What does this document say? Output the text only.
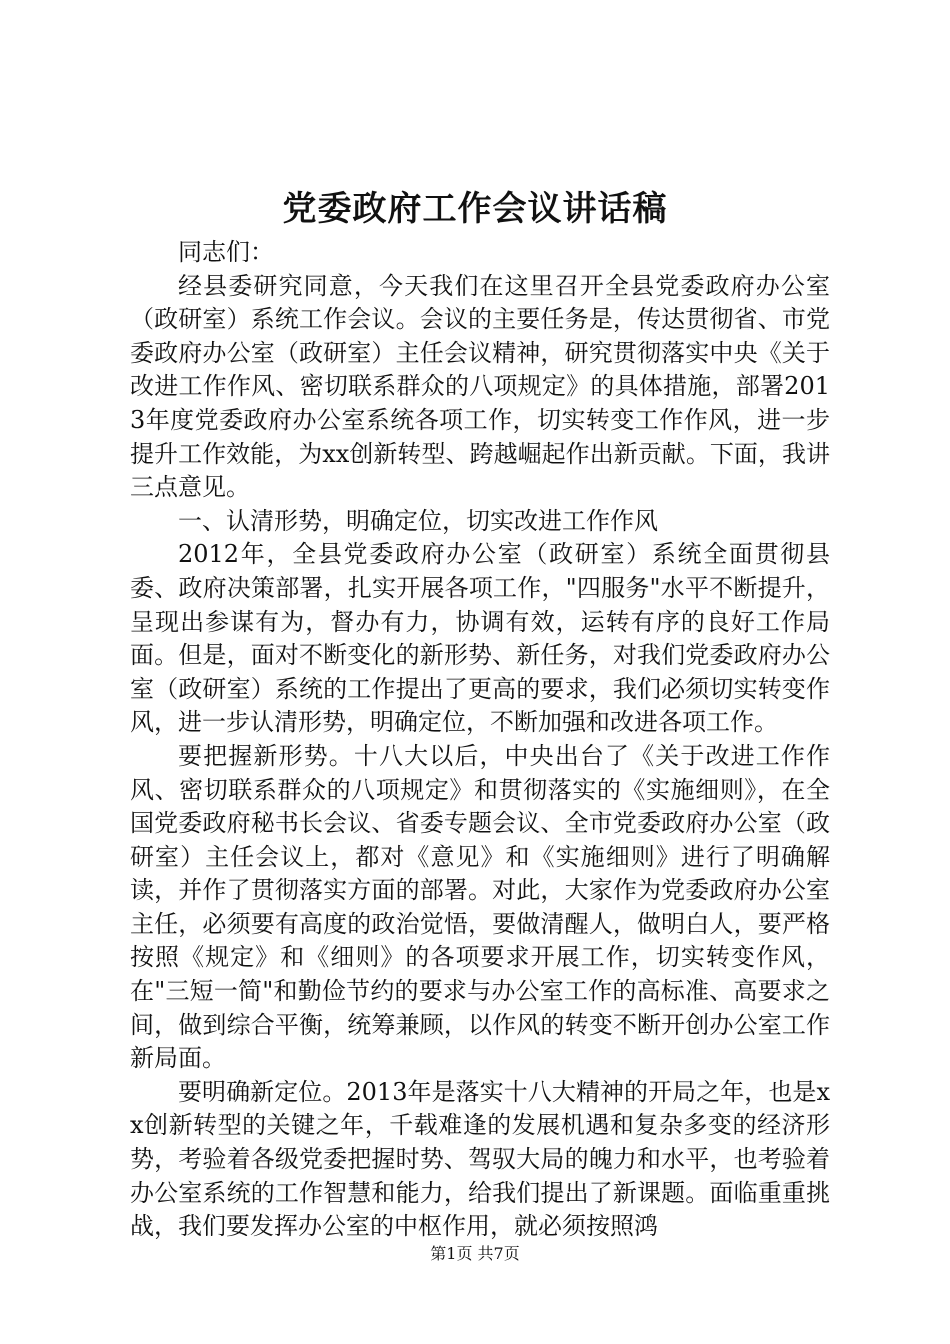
党委政府工作会议讲话稿

同志们：

经县委研究同意，今天我们在这里召开全县党委政府办公室（政研室）系统工作会议。会议的主要任务是，传达贯彻省、市党委政府办公室（政研室）主任会议精神，研究贯彻落实中央《关于改进工作作风、密切联系群众的八项规定》的具体措施，部署2013年度党委政府办公室系统各项工作，切实转变工作作风，进一步提升工作效能，为xx创新转型、跨越崛起作出新贡献。下面，我讲三点意见。

一、认清形势，明确定位，切实改进工作作风

2012年，全县党委政府办公室（政研室）系统全面贯彻县委、政府决策部署，扎实开展各项工作，"四服务"水平不断提升，呈现出参谋有为，督办有力，协调有效，运转有序的良好工作局面。但是，面对不断变化的新形势、新任务，对我们党委政府办公室（政研室）系统的工作提出了更高的要求，我们必须切实转变作风，进一步认清形势，明确定位，不断加强和改进各项工作。

要把握新形势。十八大以后，中央出台了《关于改进工作作风、密切联系群众的八项规定》和贯彻落实的《实施细则》，在全国党委政府秘书长会议、省委专题会议、全市党委政府办公室（政研室）主任会议上，都对《意见》和《实施细则》进行了明确解读，并作了贯彻落实方面的部署。对此，大家作为党委政府办公室主任，必须要有高度的政治觉悟，要做清醒人，做明白人，要严格按照《规定》和《细则》的各项要求开展工作，切实转变作风，在"三短一简"和勤俭节约的要求与办公室工作的高标准、高要求之间，做到综合平衡，统筹兼顾，以作风的转变不断开创办公室工作新局面。

要明确新定位。2013年是落实十八大精神的开局之年，也是xx创新转型的关键之年，千载难逢的发展机遇和复杂多变的经济形势，考验着各级党委把握时势、驾驭大局的魄力和水平，也考验着办公室系统的工作智慧和能力，给我们提出了新课题。面临重重挑战，我们要发挥办公室的中枢作用，就必须按照鸿

第1页 共7页
